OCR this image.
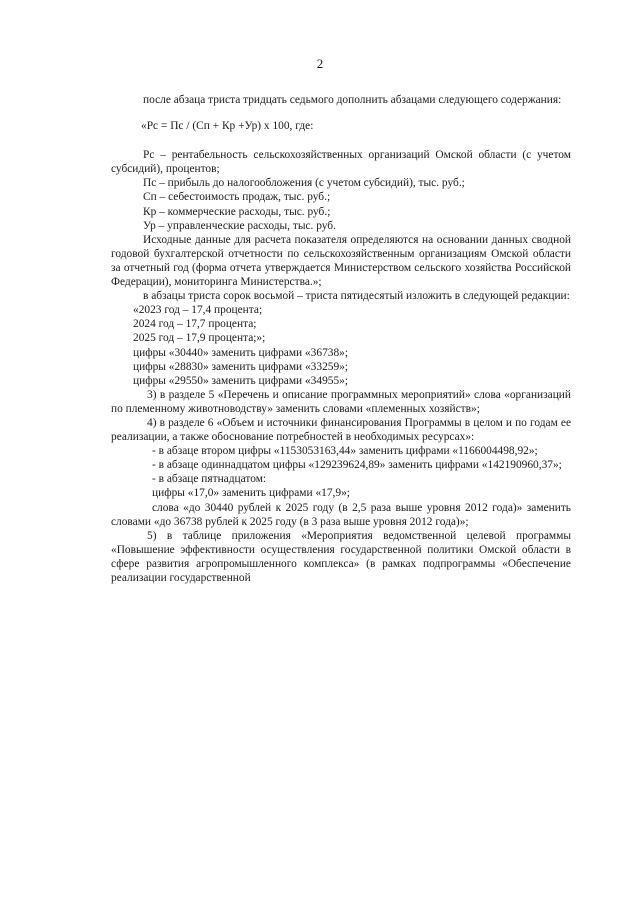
2

после абзаца триста тридцать седьмого дополнить абзацами следующего содержания:

«Рс = Пс / (Сп + Кр +Ур) х 100, где:

Рс – рентабельность сельскохозяйственных организаций Омской области (с учетом субсидий), процентов;

Пс – прибыль до налогообложения (с учетом субсидий), тыс. руб.;

Сп – себестоимость продаж, тыс. руб.;

Кр – коммерческие расходы, тыс. руб.;

Ур – управленческие расходы, тыс. руб.

Исходные данные для расчета показателя определяются на основании данных сводной годовой бухгалтерской отчетности по сельскохозяйственным организациям Омской области за отчетный год (форма отчета утверждается Министерством сельского хозяйства Российской Федерации), мониторинга Министерства.»;

в абзацы триста сорок восьмой – триста пятидесятый изложить в следующей редакции:

«2023 год – 17,4 процента;

2024 год – 17,7 процента;

2025 год – 17,9 процента;»;

цифры «30440» заменить цифрами «36738»;

цифры «28830» заменить цифрами «33259»;

цифры «29550» заменить цифрами «34955»;

3) в разделе 5 «Перечень и описание программных мероприятий» слова «организаций по племенному животноводству» заменить словами «племенных хозяйств»;

4) в разделе 6 «Объем и источники финансирования Программы в целом и по годам ее реализации, а также обоснование потребностей в необходимых ресурсах»:

- в абзаце втором цифры «1153053163,44» заменить цифрами «1166004498,92»;

- в абзаце одиннадцатом цифры «129239624,89» заменить цифрами «142190960,37»;

- в абзаце пятнадцатом:

цифры «17,0» заменить цифрами «17,9»;

слова «до 30440 рублей к 2025 году (в 2,5 раза выше уровня 2012 года)» заменить словами «до 36738 рублей к 2025 году (в 3 раза выше уровня 2012 года)»;

5) в таблице приложения «Мероприятия ведомственной целевой программы «Повышение эффективности осуществления государственной политики Омской области в сфере развития агропромышленного комплекса» (в рамках подпрограммы «Обеспечение реализации государственной
